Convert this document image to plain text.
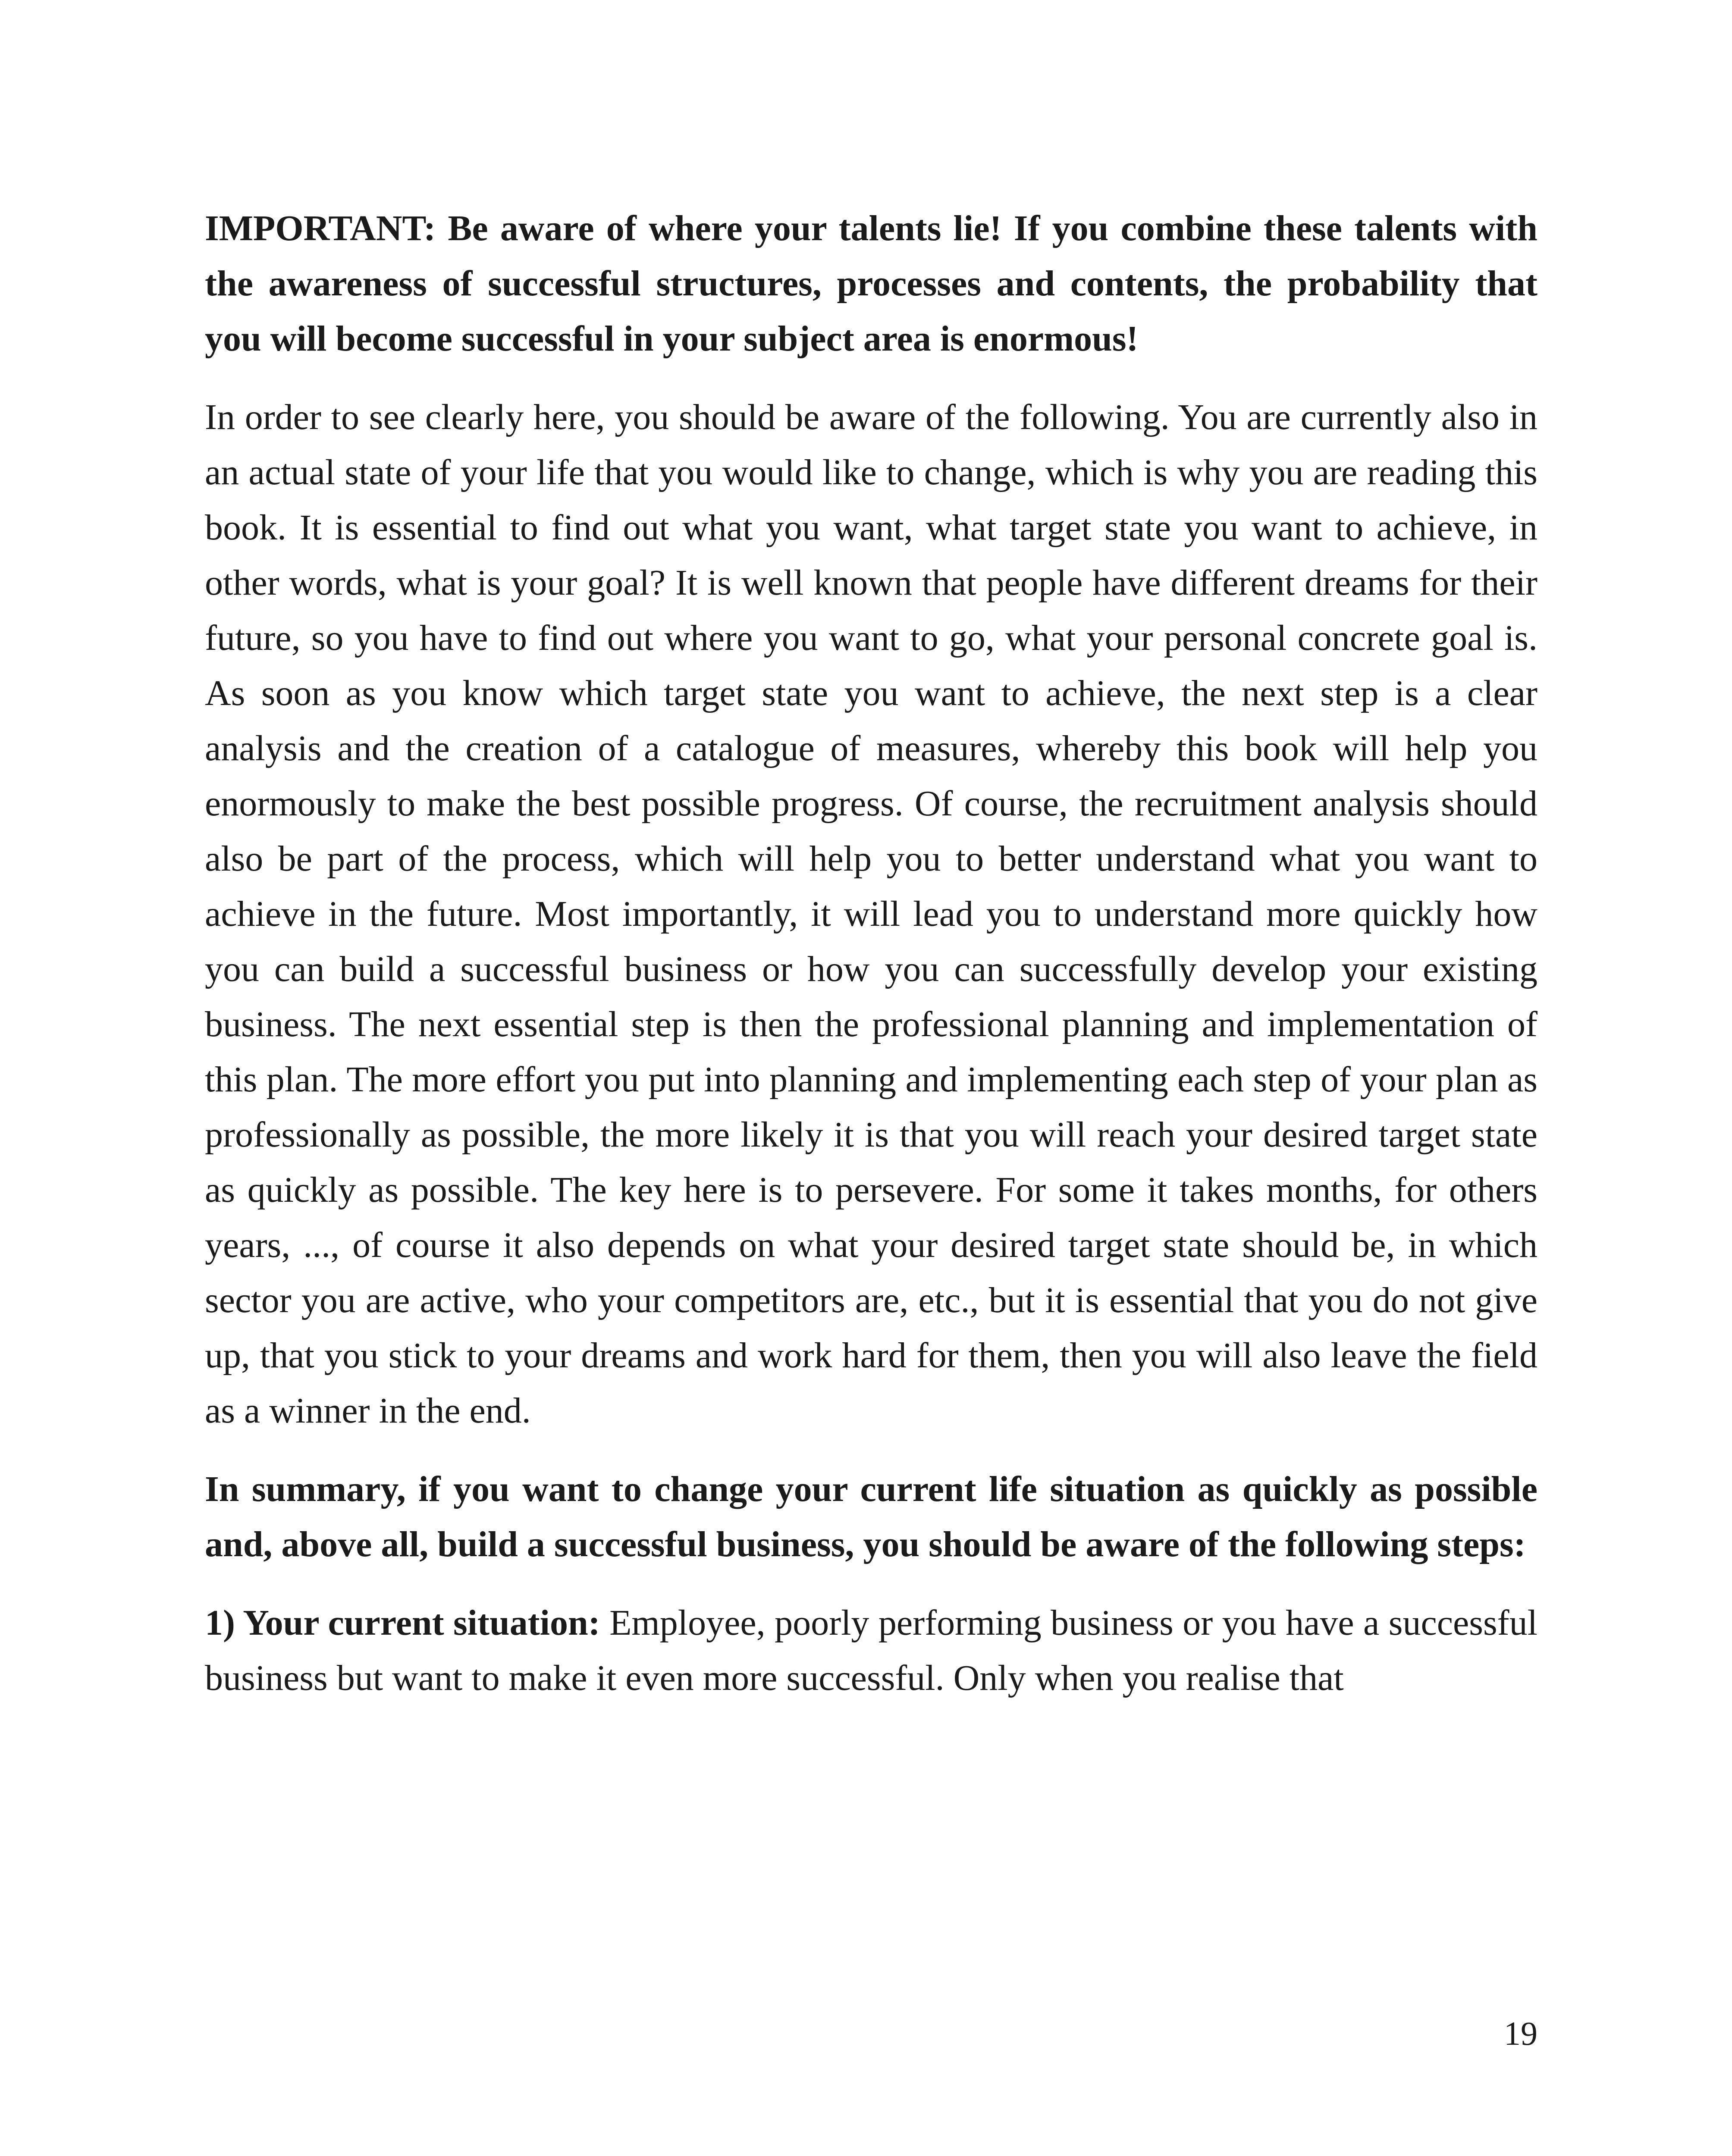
IMPORTANT: Be aware of where your talents lie! If you combine these talents with the awareness of successful structures, processes and contents, the probability that you will become successful in your subject area is enormous!

In order to see clearly here, you should be aware of the following. You are currently also in an actual state of your life that you would like to change, which is why you are reading this book. It is essential to find out what you want, what target state you want to achieve, in other words, what is your goal? It is well known that people have different dreams for their future, so you have to find out where you want to go, what your personal concrete goal is. As soon as you know which target state you want to achieve, the next step is a clear analysis and the creation of a catalogue of measures, whereby this book will help you enormously to make the best possible progress. Of course, the recruitment analysis should also be part of the process, which will help you to better understand what you want to achieve in the future. Most importantly, it will lead you to understand more quickly how you can build a successful business or how you can successfully develop your existing business. The next essential step is then the professional planning and implementation of this plan. The more effort you put into planning and implementing each step of your plan as professionally as possible, the more likely it is that you will reach your desired target state as quickly as possible. The key here is to persevere. For some it takes months, for others years, ..., of course it also depends on what your desired target state should be, in which sector you are active, who your competitors are, etc., but it is essential that you do not give up, that you stick to your dreams and work hard for them, then you will also leave the field as a winner in the end.

In summary, if you want to change your current life situation as quickly as possible and, above all, build a successful business, you should be aware of the following steps:

1) Your current situation: Employee, poorly performing business or you have a successful business but want to make it even more successful. Only when you realise that

19
